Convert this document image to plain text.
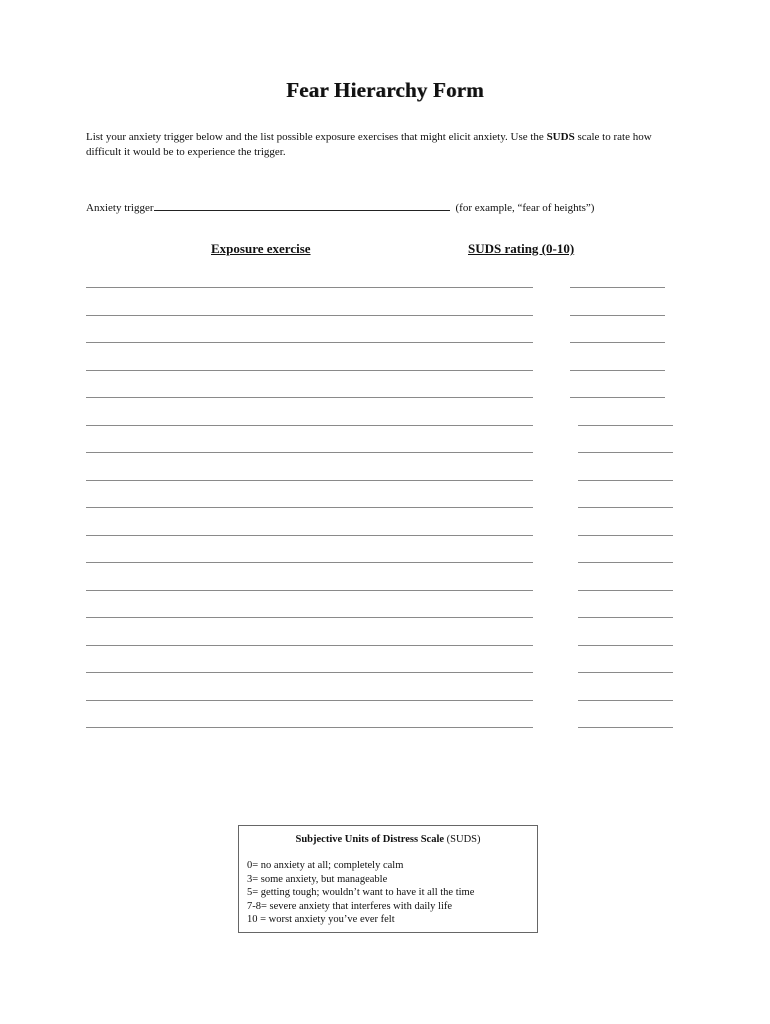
Fear Hierarchy Form
List your anxiety trigger below and the list possible exposure exercises that might elicit anxiety. Use the SUDS scale to rate how difficult it would be to experience the trigger.
Anxiety trigger	(for example, “fear of heights”)
Exposure exercise	SUDS rating (0-10)
Subjective Units of Distress Scale (SUDS)
0= no anxiety at all; completely calm
3= some anxiety, but manageable
5= getting tough; wouldn’t want to have it all the time
7-8= severe anxiety that interferes with daily life
10 = worst anxiety you’ve ever felt
